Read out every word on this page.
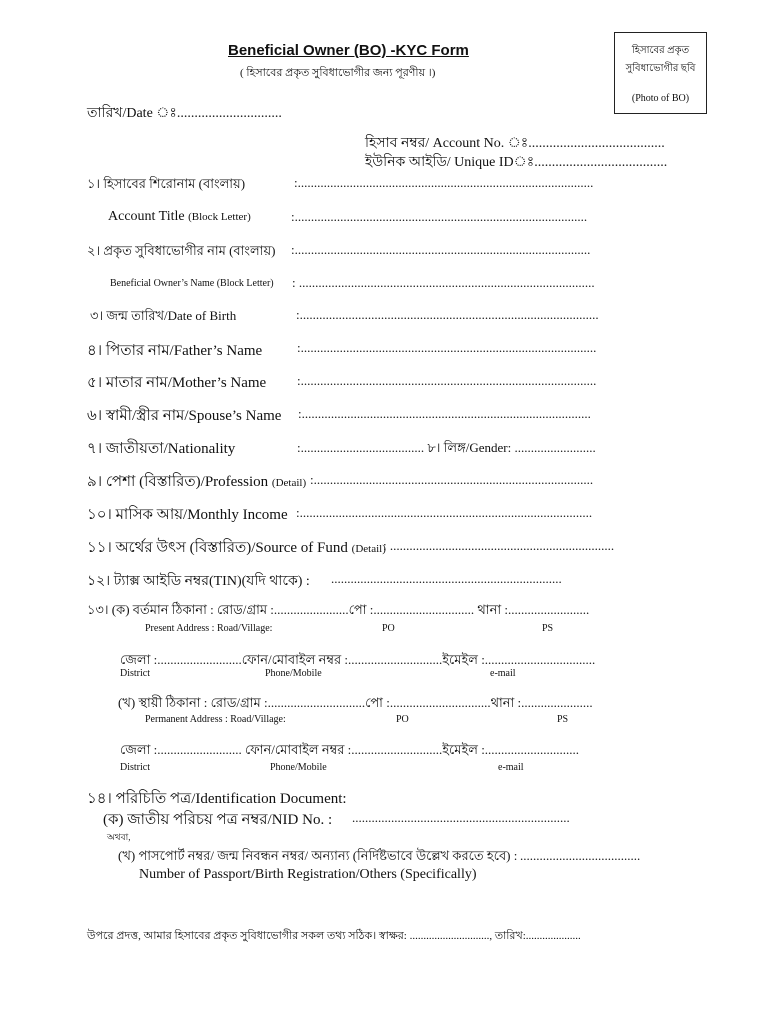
Beneficial Owner (BO) -KYC Form
( হিসাবের প্রকৃত সুবিধাভোগীর জন্য পূরণীয় ।)
হিসাবের প্রকৃত
সুবিধাভোগীর ছবি
(Photo of BO)
তারিখ/Date ঃ..............................
হিসাব নম্বর/ Account No. ঃ.......................................
ইউনিক আইডি/ Unique IDঃ......................................
১। হিসাবের শিরোনাম (বাংলায়)	:...........................................................................................
Account Title (Block Letter)	:..........................................................................................
২। প্রকৃত সুবিধাভোগীর নাম (বাংলায়) :...........................................................................................
Beneficial Owner’s Name (Block Letter) : ...........................................................................................
৩। জন্ম তারিখ/Date of Birth	:............................................................................................
৪। পিতার নাম/Father’s Name	:...........................................................................................
৫। মাতার নাম/Mother’s Name :...........................................................................................
৬। স্বামী/স্ত্রীর নাম/Spouse’s Name :.........................................................................................
৭। জাতীয়তা/Nationality	:...................................... ৮। লিঙ্গ/Gender: .........................
৯। পেশা (বিস্তারিত)/Profession (Detail) :......................................................................................
১০। মাসিক আয়/Monthly Income :..........................................................................................
১১। অর্থের উৎস (বিস্তারিত)/Source of Fund (Detail)
: .....................................................................
১২। ট্যাক্স আইডি নম্বর(TIN)(যদি থাকে) : .......................................................................
১৩। (ক) বর্তমান ঠিকানা : রোড/গ্রাম :.......................পো :............................... থানা :.........................
Present Address : Road/Village:	PO	PS
জেলা :..........................ফোন/মোবাইল নম্বর :.............................ইমেইল :..................................
District	Phone/Mobile	e-mail
(খ) স্থায়ী ঠিকানা : রোড/গ্রাম :..............................পো :...............................থানা :......................
Permanent Address : Road/Village:	PO	PS
জেলা :.......................... ফোন/মোবাইল নম্বর :............................ইমেইল :.............................
District	Phone/Mobile	e-mail
১৪। পরিচিতি পত্র/Identification Document:
(ক) জাতীয় পরিচয় পত্র নম্বর/NID No. : ...................................................................
অথবা,
(খ) পাসপোর্ট নম্বর/ জন্ম নিবন্ধন নম্বর/ অন্যান্য (নির্দিষ্টভাবে উল্লেখ করতে হবে) : .....................................
Number of Passport/Birth Registration/Others (Specifically)
উপরে প্রদত্ত, আমার হিসাবের প্রকৃত সুবিধাভোগীর সকল তথ্য সঠিক। স্বাক্ষর: ............................., তারিখ:....................
